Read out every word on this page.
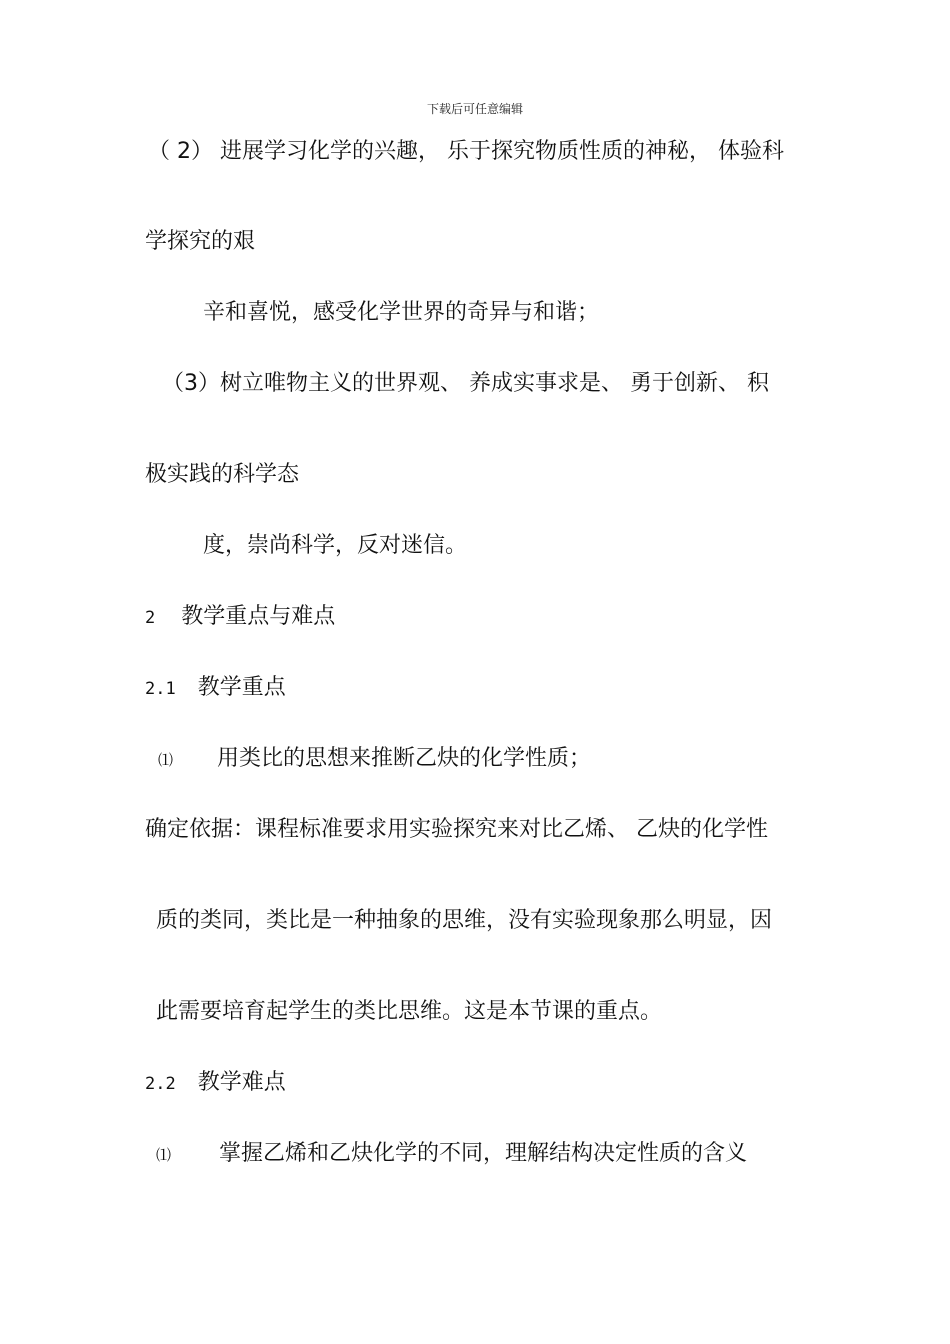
下载后可任意编辑
（ 2） 进展学习化学的兴趣， 乐于探究物质性质的神秘， 体验科
学探究的艰
辛和喜悦，感受化学世界的奇异与和谐；
（3）树立唯物主义的世界观、 养成实事求是、 勇于创新、 积
极实践的科学态
度，崇尚科学，反对迷信。
2 教学重点与难点
2.1 教学重点
⑴ 用类比的思想来推断乙炔的化学性质；
确定依据：课程标准要求用实验探究来对比乙烯、 乙炔的化学性
质的类同，类比是一种抽象的思维，没有实验现象那么明显，因
此需要培育起学生的类比思维。这是本节课的重点。
2.2 教学难点
⑴ 掌握乙烯和乙炔化学的不同，理解结构决定性质的含义
